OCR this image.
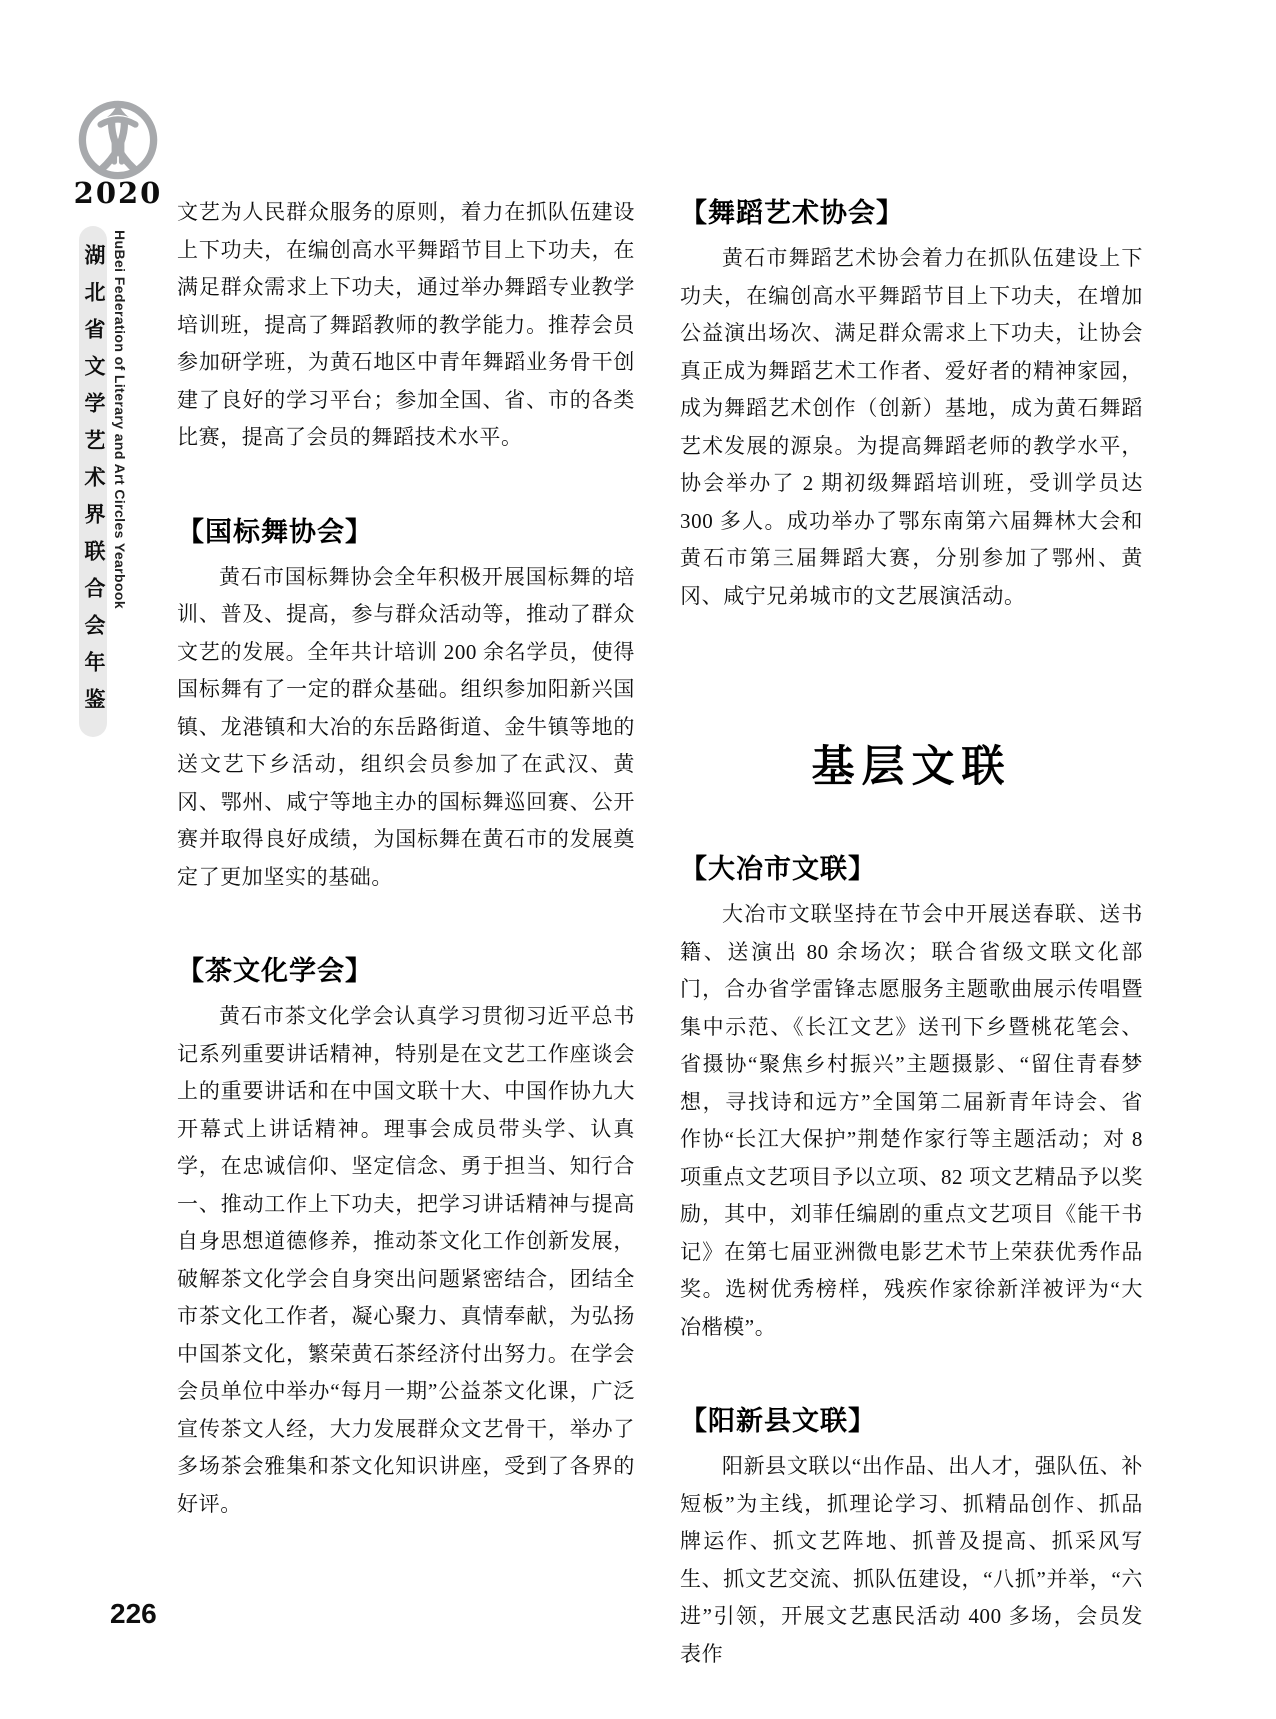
2020
湖北省文学艺术界联合会年鉴 HuBei Federation of Literary and Art Circles Yearbook

文艺为人民群众服务的原则，着力在抓队伍建设上下功夫，在编创高水平舞蹈节目上下功夫，在满足群众需求上下功夫，通过举办舞蹈专业教学培训班，提高了舞蹈教师的教学能力。推荐会员参加研学班，为黄石地区中青年舞蹈业务骨干创建了良好的学习平台；参加全国、省、市的各类比赛，提高了会员的舞蹈技术水平。

【国标舞协会】

黄石市国标舞协会全年积极开展国标舞的培训、普及、提高，参与群众活动等，推动了群众文艺的发展。全年共计培训 200 余名学员，使得国标舞有了一定的群众基础。组织参加阳新兴国镇、龙港镇和大冶的东岳路街道、金牛镇等地的送文艺下乡活动，组织会员参加了在武汉、黄冈、鄂州、咸宁等地主办的国标舞巡回赛、公开赛并取得良好成绩，为国标舞在黄石市的发展奠定了更加坚实的基础。

【茶文化学会】

黄石市茶文化学会认真学习贯彻习近平总书记系列重要讲话精神，特别是在文艺工作座谈会上的重要讲话和在中国文联十大、中国作协九大开幕式上讲话精神。理事会成员带头学、认真学，在忠诚信仰、坚定信念、勇于担当、知行合一、推动工作上下功夫，把学习讲话精神与提高自身思想道德修养，推动茶文化工作创新发展，破解茶文化学会自身突出问题紧密结合，团结全市茶文化工作者，凝心聚力、真情奉献，为弘扬中国茶文化，繁荣黄石茶经济付出努力。在学会会员单位中举办“每月一期”公益茶文化课，广泛宣传茶文人经，大力发展群众文艺骨干，举办了多场茶会雅集和茶文化知识讲座，受到了各界的好评。

【舞蹈艺术协会】

黄石市舞蹈艺术协会着力在抓队伍建设上下功夫，在编创高水平舞蹈节目上下功夫，在增加公益演出场次、满足群众需求上下功夫，让协会真正成为舞蹈艺术工作者、爱好者的精神家园，成为舞蹈艺术创作（创新）基地，成为黄石舞蹈艺术发展的源泉。为提高舞蹈老师的教学水平，协会举办了 2 期初级舞蹈培训班，受训学员达 300 多人。成功举办了鄂东南第六届舞林大会和黄石市第三届舞蹈大赛，分别参加了鄂州、黄冈、咸宁兄弟城市的文艺展演活动。

基层文联
【大冶市文联】

大冶市文联坚持在节会中开展送春联、送书籍、送演出 80 余场次；联合省级文联文化部门，合办省学雷锋志愿服务主题歌曲展示传唱暨集中示范、《长江文艺》送刊下乡暨桃花笔会、省摄协“聚焦乡村振兴”主题摄影、“留住青春梦想，寻找诗和远方”全国第二届新青年诗会、省作协“长江大保护”荆楚作家行等主题活动；对 8 项重点文艺项目予以立项、82 项文艺精品予以奖励，其中，刘菲任编剧的重点文艺项目《能干书记》在第七届亚洲微电影艺术节上荣获优秀作品奖。选树优秀榜样，残疾作家徐新洋被评为“大冶楷模”。

【阳新县文联】

阳新县文联以“出作品、出人才，强队伍、补短板”为主线，抓理论学习、抓精品创作、抓品牌运作、抓文艺阵地、抓普及提高、抓采风写生、抓文艺交流、抓队伍建设，“八抓”并举，“六进”引领，开展文艺惠民活动 400 多场，会员发表作

226
